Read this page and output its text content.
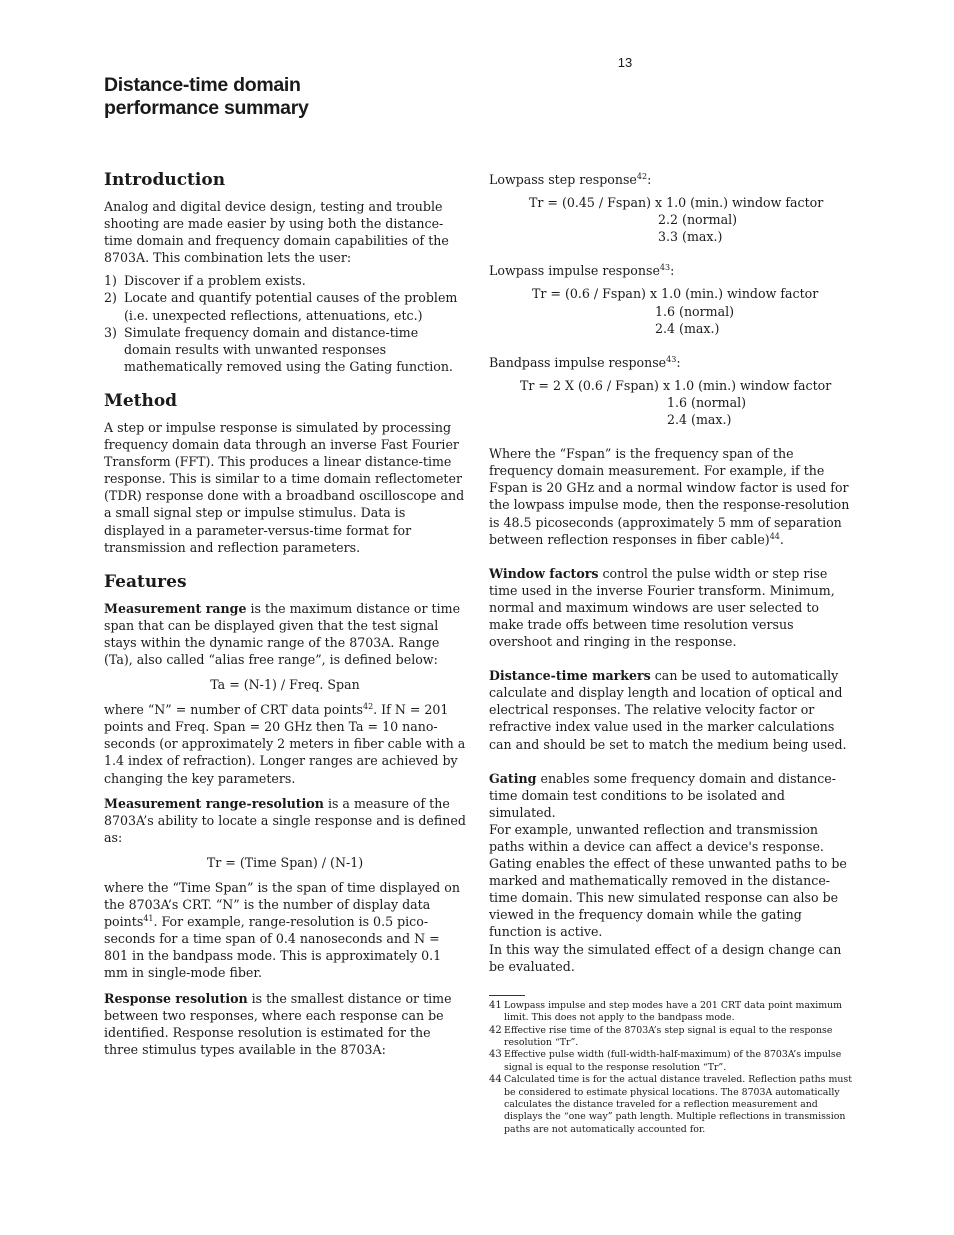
13
Distance-time domain
performance summary
Introduction

Analog and digital device design, testing and trouble shooting are made easier by using both the distance-time domain and frequency domain capabilities of the 8703A. This combination lets the user:

1) Discover if a problem exists.
2) Locate and quantify potential causes of the problem (i.e. unexpected reflections, attenuations, etc.)
3) Simulate frequency domain and distance-time domain results with unwanted responses mathematically removed using the Gating function.
Method

A step or impulse response is simulated by processing frequency domain data through an inverse Fast Fourier Transform (FFT). This produces a linear distance-time response. This is similar to a time domain reflectometer (TDR) response done with a broadband oscilloscope and a small signal step or impulse stimulus. Data is displayed in a parameter-versus-time format for transmission and reflection parameters.

Features

Measurement range is the maximum distance or time span that can be displayed given that the test signal stays within the dynamic range of the 8703A. Range (Ta), also called “alias free range”, is defined below:

Ta = (N-1) / Freq. Span

where “N” = number of CRT data points$^{42}$. If N = 201 points and Freq. Span = 20 GHz then Ta = 10 nano- seconds (or approximately 2 meters in fiber cable with a 1.4 index of refraction). Longer ranges are achieved by changing the key parameters.

Measurement range-resolution is a measure of the 8703A’s ability to locate a single response and is defined as:

Tr = (Time Span) / (N-1)

where the “Time Span” is the span of time displayed on the 8703A’s CRT. “N” is the number of display data points$^{41}$. For example, range-resolution is 0.5 pico- seconds for a time span of 0.4 nanoseconds and N = 801 in the bandpass mode. This is approximately 0.1 mm in single-mode fiber.

Response resolution is the smallest distance or time between two responses, where each response can be identified. Response resolution is estimated for the three stimulus types available in the 8703A:

Lowpass step response$^{42}$:

Tr = (0.45 / Fspan) x 1.0 (min.) window factor
2.2 (normal)
3.3 (max.)

Lowpass impulse response$^{43}$:

Tr = (0.6 / Fspan) x 1.0 (min.) window factor
1.6 (normal)
2.4 (max.)

Bandpass impulse response$^{43}$:

Tr = 2 X (0.6 / Fspan) x 1.0 (min.) window factor
1.6 (normal)
2.4 (max.)

Where the “Fspan” is the frequency span of the frequency domain measurement. For example, if the Fspan is 20 GHz and a normal window factor is used for the lowpass impulse mode, then the response-resolution is 48.5 picoseconds (approximately 5 mm of separation between reflection responses in fiber cable)$^{44}$.

Window factors control the pulse width or step rise time used in the inverse Fourier transform. Minimum, normal and maximum windows are user selected to make trade offs between time resolution versus overshoot and ringing in the response.

Distance-time markers can be used to automatically calculate and display length and location of optical and electrical responses. The relative velocity factor or refractive index value used in the marker calculations can and should be set to match the medium being used.

Gating enables some frequency domain and distance-time domain test conditions to be isolated and simulated.

For example, unwanted reflection and transmission paths within a device can affect a device's response. Gating enables the effect of these unwanted paths to be marked and mathematically removed in the distance-time domain. This new simulated response can also be viewed in the frequency domain while the gating function is active.

In this way the simulated effect of a design change can be evaluated.

41 Lowpass impulse and step modes have a 201 CRT data point maximum limit. This does not apply to the bandpass mode.
42 Effective rise time of the 8703A’s step signal is equal to the response resolution “Tr”.
43 Effective pulse width (full-width-half-maximum) of the 8703A’s impulse signal is equal to the response resolution “Tr”.
44 Calculated time is for the actual distance traveled. Reflection paths must be considered to estimate physical locations. The 8703A automatically calculates the distance traveled for a reflection measurement and displays the “one way” path length. Multiple reflections in transmission paths are not automatically accounted for.
